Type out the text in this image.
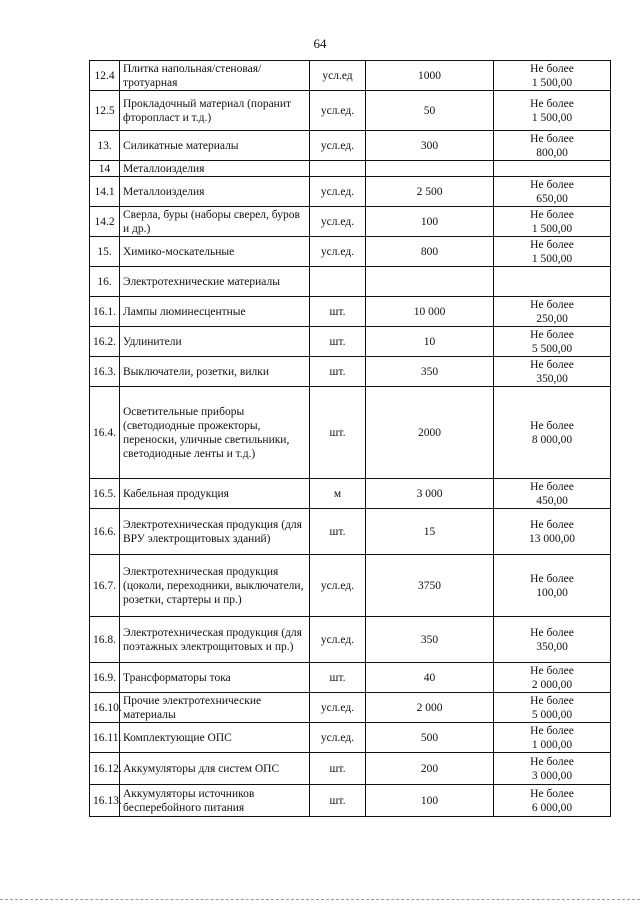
64
12.4	Плитка напольная/стеновая/тротуарная	усл.ед	1000	Не более
1 500,00

12.5	Прокладочный материал (поранит фторопласт и т.д.)	усл.ед.	50	Не более
1 500,00

13.	Силикатные материалы	усл.ед.	300	Не более
800,00

14	Металлоизделия			
14.1	Металлоизделия	усл.ед.	2 500	Не более
650,00

14.2	Сверла, буры (наборы сверел, буров и др.)	усл.ед.	100	Не более
1 500,00

15.	Химико-москательные	усл.ед.	800	Не более
1 500,00

16.	Электротехнические материалы			
16.1.	Лампы люминесцентные	шт.	10 000	Не более
250,00

16.2.	Удлинители	шт.	10	Не более
5 500,00

16.3.	Выключатели, розетки, вилки	шт.	350	Не более
350,00

16.4.	Осветительные приборы (светодиодные прожекторы, переноски, уличные светильники, светодиодные ленты и т.д.)	шт.	2000	Не более
8 000,00

16.5.	Кабельная продукция	м	3 000	Не более
450,00

16.6.	Электротехническая продукция (для ВРУ электрощитовых зданий)	шт.	15	Не более
13 000,00

16.7.	Электротехническая продукция (цоколи, переходники, выключатели, розетки, стартеры и пр.)	усл.ед.	3750	Не более
100,00

16.8.	Электротехническая продукция (для поэтажных электрощитовых и пр.)	усл.ед.	350	Не более
350,00

16.9.	Трансформаторы тока	шт.	40	Не более
2 000,00

16.10.	Прочие электротехнические материалы	усл.ед.	2 000	Не более
5 000,00

16.11.	Комплектующие ОПС	усл.ед.	500	Не более
1 000,00

16.12.	Аккумуляторы для систем ОПС	шт.	200	Не более
3 000,00

16.13.	Аккумуляторы источников бесперебойного питания	шт.	100	Не более
6 000,00
